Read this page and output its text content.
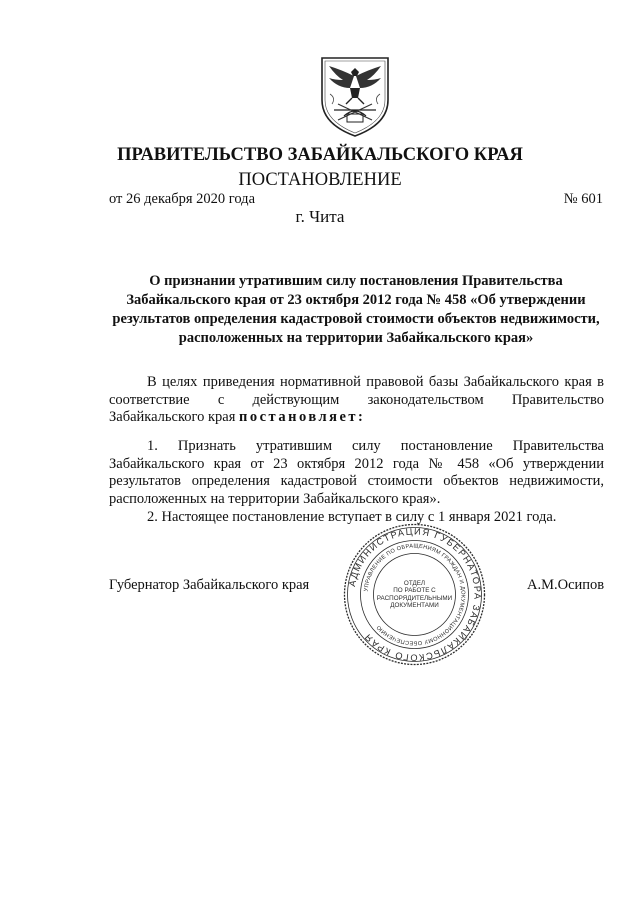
ПРАВИТЕЛЬСТВО ЗАБАЙКАЛЬСКОГО КРАЯ
ПОСТАНОВЛЕНИЕ
от 26 декабря 2020 года	№ 601
г. Чита
О признании утратившим силу постановления Правительства Забайкальского края от 23 октября 2012 года № 458 «Об утверждении результатов определения кадастровой стоимости объектов недвижимости, расположенных на территории Забайкальского края»
В целях приведения нормативной правовой базы Забайкальского края в соответствие с действующим законодательством Правительство Забайкальского края постановляет:
1. Признать утратившим силу постановление Правительства Забайкальского края от 23 октября 2012 года № 458 «Об утверждении результатов определения кадастровой стоимости объектов недвижимости, расположенных на территории Забайкальского края».
2. Настоящее постановление вступает в силу с 1 января 2021 года.
АДМИНИСТРАЦИЯ ГУБЕРНАТОРА ЗАБАЙКАЛЬСКОГО КРАЯ
УПРАВЛЕНИЕ ПО ОБРАЩЕНИЯМ ГРАЖДАН И ДОКУМЕНТАЦИОННОМУ ОБЕСПЕЧЕНИЮ
ОТДЕЛ
ПО РАБОТЕ С
РАСПОРЯДИТЕЛЬНЫМИ
ДОКУМЕНТАМИ
Губернатор Забайкальского края	А.М.Осипов
